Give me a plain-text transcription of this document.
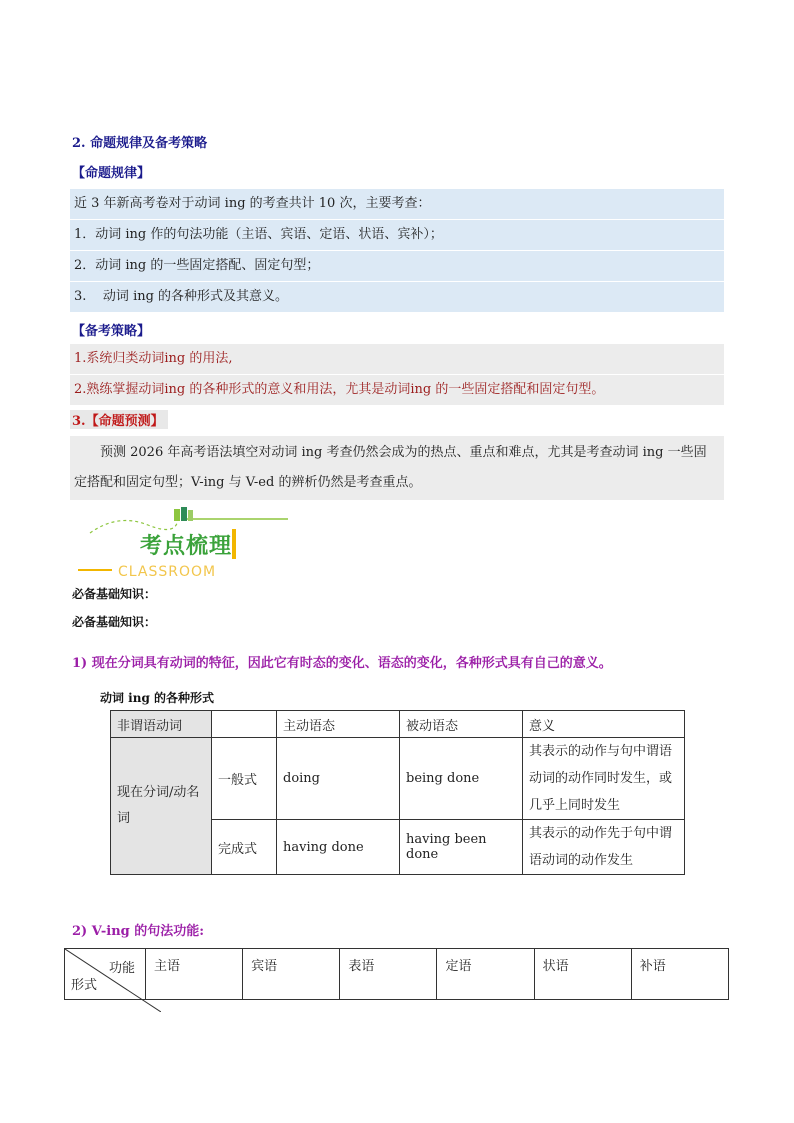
2. 命题规律及备考策略
【命题规律】
近 3 年新高考卷对于动词 ing 的考查共计 10 次，主要考查：
1．动词 ing 作的句法功能（主语、宾语、定语、状语、宾补）；
2．动词 ing 的一些固定搭配、固定句型；
3.    动词 ing 的各种形式及其意义。
【备考策略】
1.系统归类动词ing 的用法,
2.熟练掌握动词ing 的各种形式的意义和用法，尤其是动词ing 的一些固定搭配和固定句型。
3.【命题预测】
预测 2026 年高考语法填空对动词 ing 考查仍然会成为的热点、重点和难点，尤其是考查动词 ing 一些固定搭配和固定句型；V-ing 与 V-ed 的辨析仍然是考查重点。
考点梳理
CLASSROOM
必备基础知识：
必备基础知识：
1) 现在分词具有动词的特征，因此它有时态的变化、语态的变化，各种形式具有自己的意义。
动词 ing 的各种形式
非谓语动词		主动语态	被动语态	意义
现在分词/动名词	一般式	doing	being done	其表示的动作与句中谓语动词的动作同时发生，或几乎上同时发生
	完成式	having done	having been done	其表示的动作先于句中谓语动词的动作发生
2) V-ing 的句法功能:
功能
形式
	主语	宾语	表语	定语	状语	补语
